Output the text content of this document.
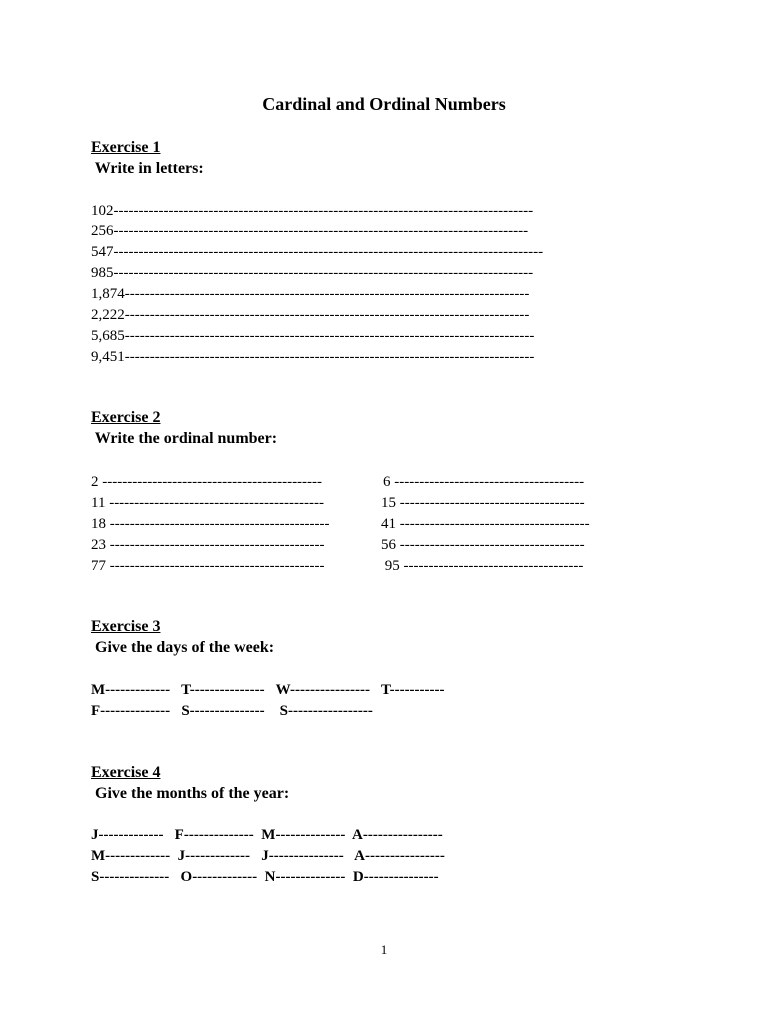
Cardinal and Ordinal Numbers
Exercise 1
Write in letters:
102------------------------------------------------------------------------------------
256-----------------------------------------------------------------------------------
547--------------------------------------------------------------------------------------
985------------------------------------------------------------------------------------
1,874---------------------------------------------------------------------------------
2,222---------------------------------------------------------------------------------
5,685----------------------------------------------------------------------------------
9,451----------------------------------------------------------------------------------
Exercise 2
Write the ordinal number:
2 --------------------------------------------
11 -------------------------------------------
18 --------------------------------------------
23 -------------------------------------------
77 -------------------------------------------
6 --------------------------------------
15 -------------------------------------
41 --------------------------------------
56 -------------------------------------
95 ------------------------------------
Exercise 3
Give the days of the week:
M-------------   T---------------   W----------------   T-----------
F--------------   S---------------    S-----------------
Exercise 4
Give the months of the year:
J-------------   F--------------  M--------------  A----------------
M-------------  J-------------   J---------------   A----------------
S--------------   O-------------  N--------------  D---------------
1
